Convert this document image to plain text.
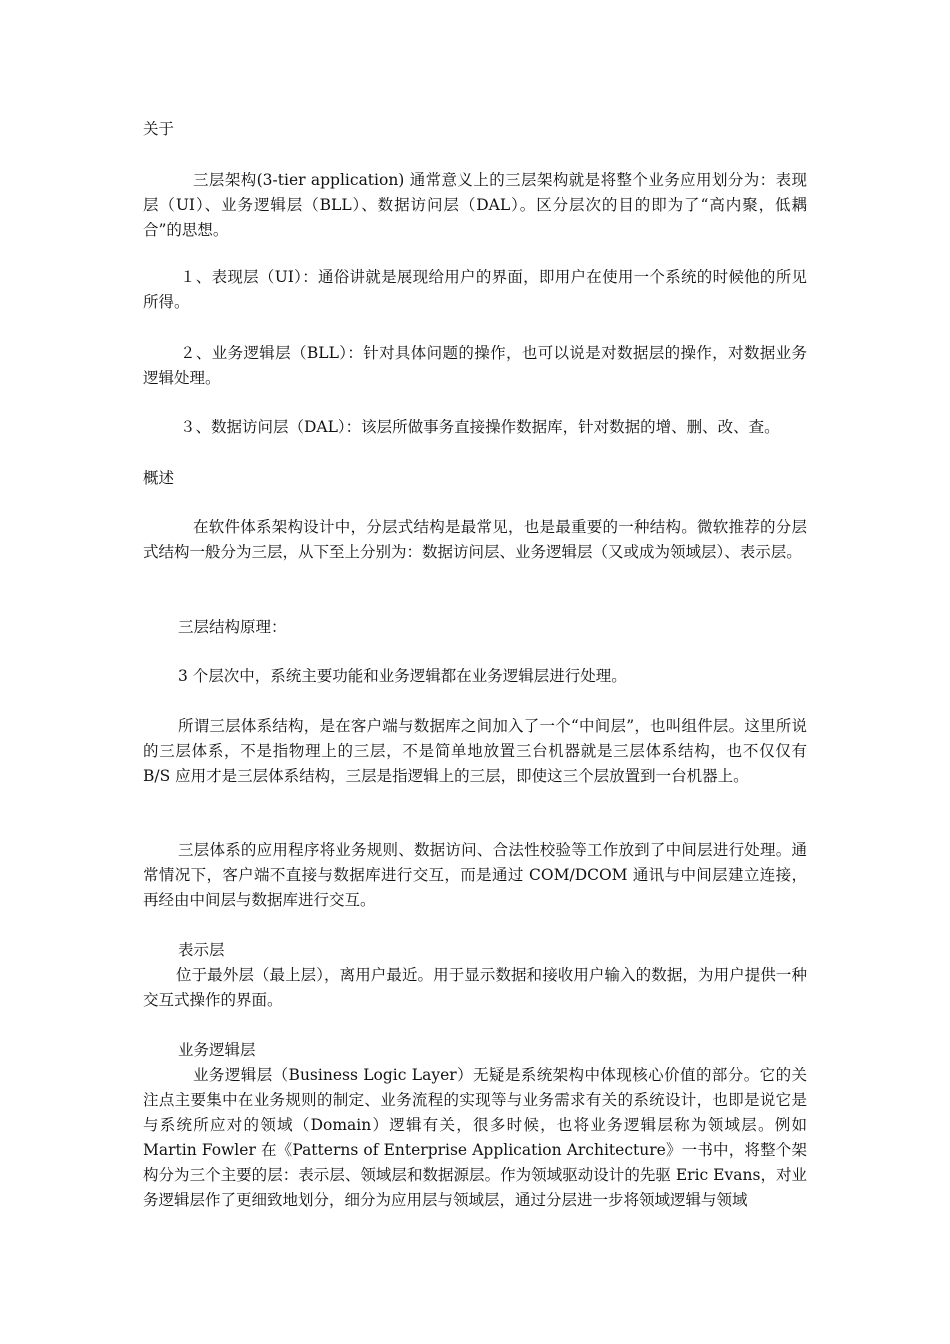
关于

三层架构(3-tier application) 通常意义上的三层架构就是将整个业务应用划分为：表现层（UI）、业务逻辑层（BLL）、数据访问层（DAL）。区分层次的目的即为了“高内聚，低耦合”的思想。

１、表现层（UI）：通俗讲就是展现给用户的界面，即用户在使用一个系统的时候他的所见所得。

２、业务逻辑层（BLL）：针对具体问题的操作，也可以说是对数据层的操作，对数据业务逻辑处理。

３、数据访问层（DAL）：该层所做事务直接操作数据库，针对数据的增、删、改、查。

概述

在软件体系架构设计中，分层式结构是最常见，也是最重要的一种结构。微软推荐的分层式结构一般分为三层，从下至上分别为：数据访问层、业务逻辑层（又或成为领域层）、表示层。

三层结构原理：

3 个层次中，系统主要功能和业务逻辑都在业务逻辑层进行处理。

所谓三层体系结构，是在客户端与数据库之间加入了一个“中间层”，也叫组件层。这里所说的三层体系，不是指物理上的三层，不是简单地放置三台机器就是三层体系结构，也不仅仅有 B/S 应用才是三层体系结构，三层是指逻辑上的三层，即使这三个层放置到一台机器上。

三层体系的应用程序将业务规则、数据访问、合法性校验等工作放到了中间层进行处理。通常情况下，客户端不直接与数据库进行交互，而是通过 COM/DCOM 通讯与中间层建立连接，再经由中间层与数据库进行交互。

表示层

位于最外层（最上层），离用户最近。用于显示数据和接收用户输入的数据，为用户提供一种交互式操作的界面。

业务逻辑层

业务逻辑层（Business Logic Layer）无疑是系统架构中体现核心价值的部分。它的关注点主要集中在业务规则的制定、业务流程的实现等与业务需求有关的系统设计，也即是说它是与系统所应对的领域（Domain）逻辑有关，很多时候，也将业务逻辑层称为领域层。例如 Martin Fowler 在《Patterns of Enterprise Application Architecture》一书中，将整个架构分为三个主要的层：表示层、领域层和数据源层。作为领域驱动设计的先驱 Eric Evans，对业务逻辑层作了更细致地划分，细分为应用层与领域层，通过分层进一步将领域逻辑与领域
